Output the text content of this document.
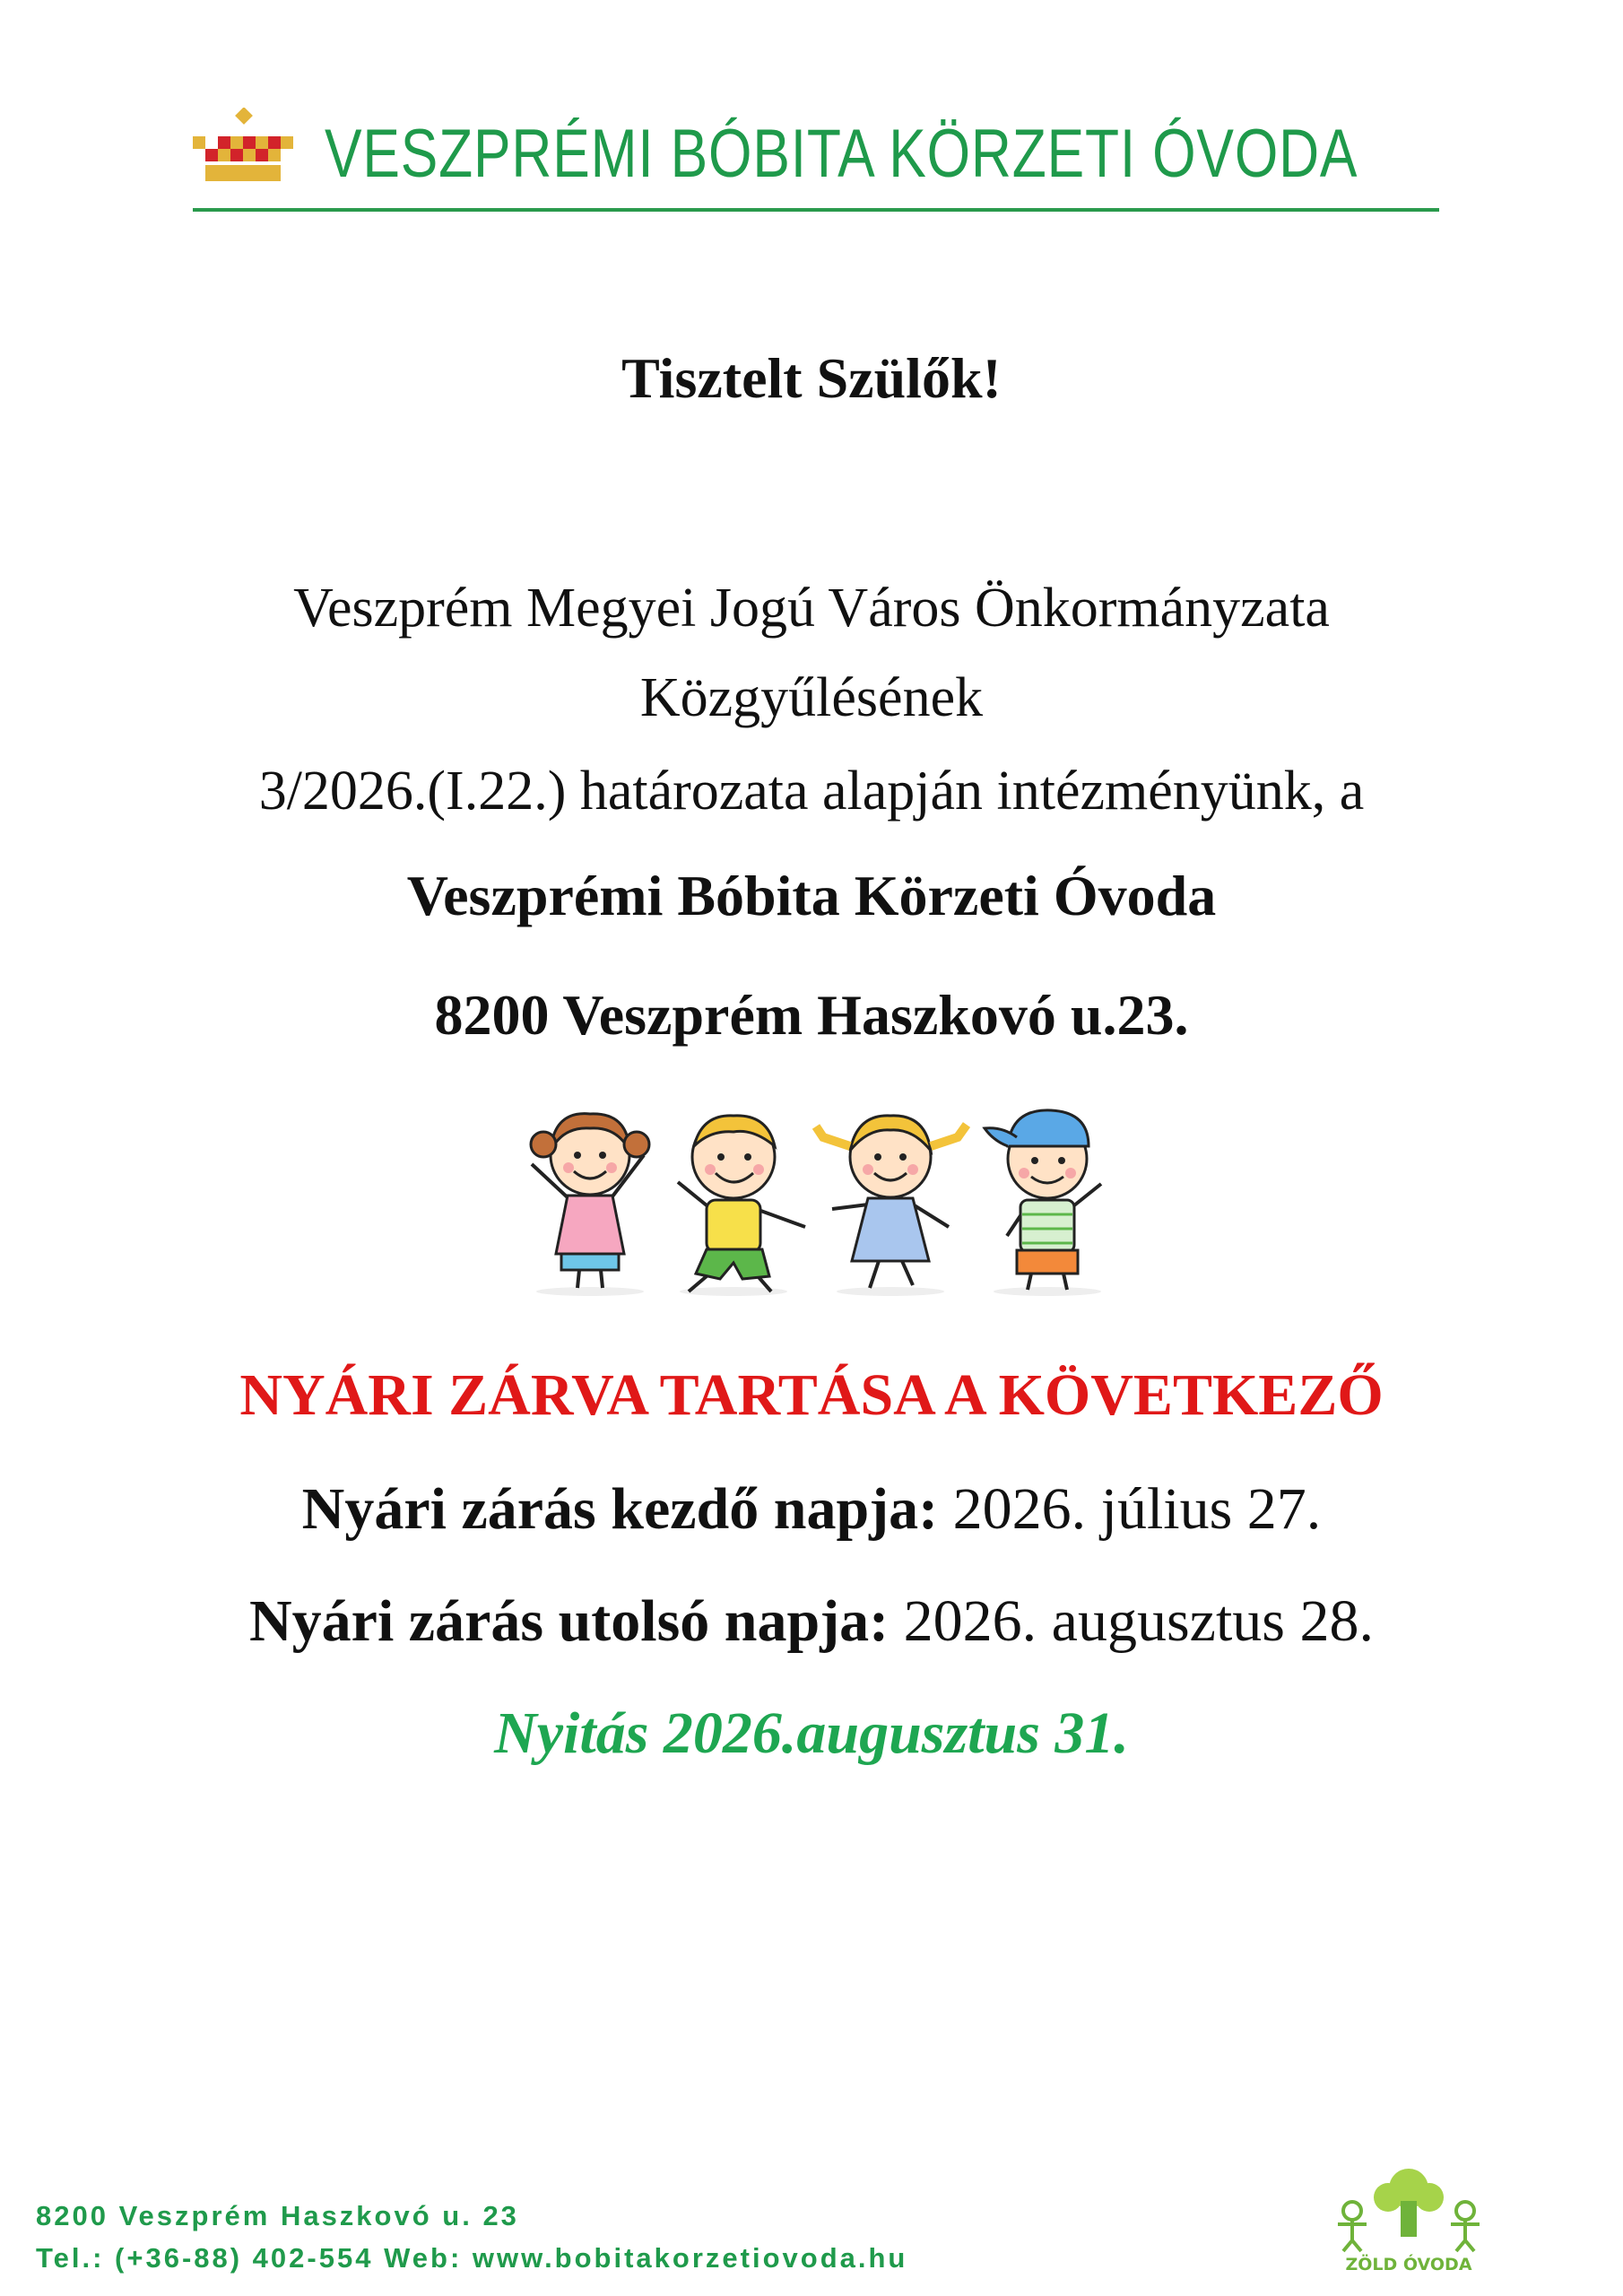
VESZPRÉMI BÓBITA KÖRZETI ÓVODA
Tisztelt Szülők!
Veszprém Megyei Jogú Város Önkormányzata
Közgyűlésének
3/2026.(I.22.) határozata alapján intézményünk, a
Veszprémi Bóbita Körzeti Óvoda
8200 Veszprém Haszkovó u.23.
NYÁRI ZÁRVA TARTÁSA A KÖVETKEZŐ
Nyári zárás kezdő napja: 2026. július 27.
Nyári zárás utolsó napja: 2026. augusztus 28.
Nyitás 2026.augusztus 31.
8200 Veszprém Haszkovó u. 23
Tel.: (+36-88) 402-554 Web: www.bobitakorzetiovoda.hu	ZÖLD ÓVODA
